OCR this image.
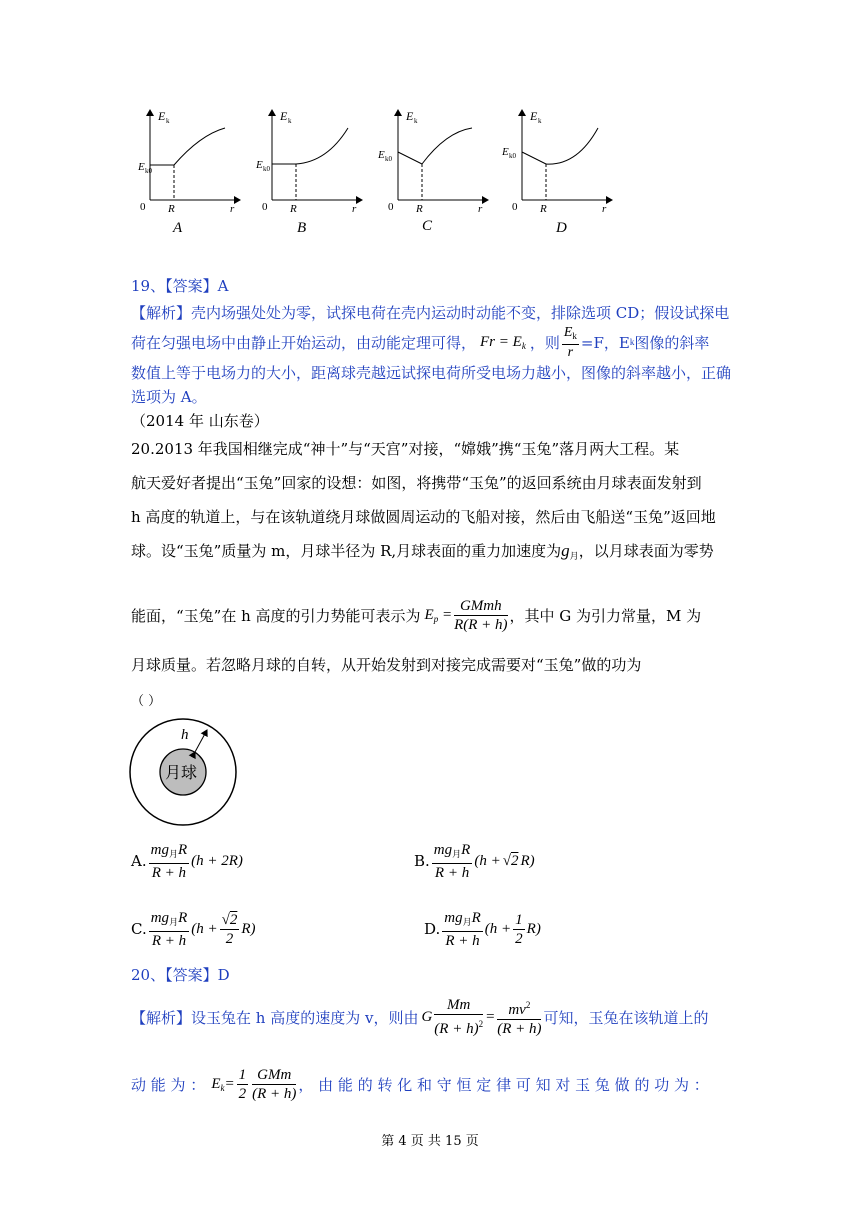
E k
E k0
0 R	r
A
E k
E k0
0 R	r
B
E k
E k0
0 R	r
C
E k
E k0
0 R	r
D
19、【答案】A
【解析】壳内场强处处为零，试探电荷在壳内运动时动能不变，排除选项 CD；假设试探电
荷在匀强电场中由静止开始运动，由动能定理可得， $Fr = E_k$ ，则 $\frac{E_k}{r} =F$，E k 图像的斜率
数值上等于电场力的大小，距离球壳越远试探电荷所受电场力越小，图像的斜率越小，正确
选项为 A。
（2014 年 山东卷）
20.2013 年我国相继完成“神十”与“天宫”对接，“嫦娥”携“玉兔”落月两大工程。某
航天爱好者提出“玉兔”回家的设想：如图，将携带“玉兔”的返回系统由月球表面发射到
h 高度的轨道上，与在该轨道绕月球做圆周运动的飞船对接，然后由飞船送“玉兔”返回地
球。设“玉兔”质量为 m，月球半径为 R,月球表面的重力加速度为$g_月$，以月球表面为零势
能面，“玉兔”在 h 高度的引力势能可表示为 $E_p = \frac{\text{GMmh}}{R(R + h)}$ ，其中 G 为引力常量，M 为
月球质量。若忽略月球的自转，从开始发射到对接完成需要对“玉兔”做的功为
（ ）
h
月球
A. $\frac{mg_月R}{R + h} (h + 2R)$	B. $\frac{mg_月R}{R + h} (h + √2$ R)
C. $\frac{mg_月R}{R + h} (h + \frac{√2}{2} R)$	D. $\frac{mg_月R}{R + h} (h + \frac{1}{2} R)$
20、【答案】D
【解析】设玉兔在 h 高度的速度为 v，则由 G $\frac{Mm}{(R + h)^2} = \frac{mv^2}{(R + h)}$ 可知，玉兔在该轨道上的
动 能 为 ： $E_k= \frac{1}{2} \frac{\text{GMm}}{(R + h)}$ ， 由 能 的 转 化 和 守 恒 定 律 可 知 对 玉 兔 做 的 功 为 ：
第 4 页 共 15 页
